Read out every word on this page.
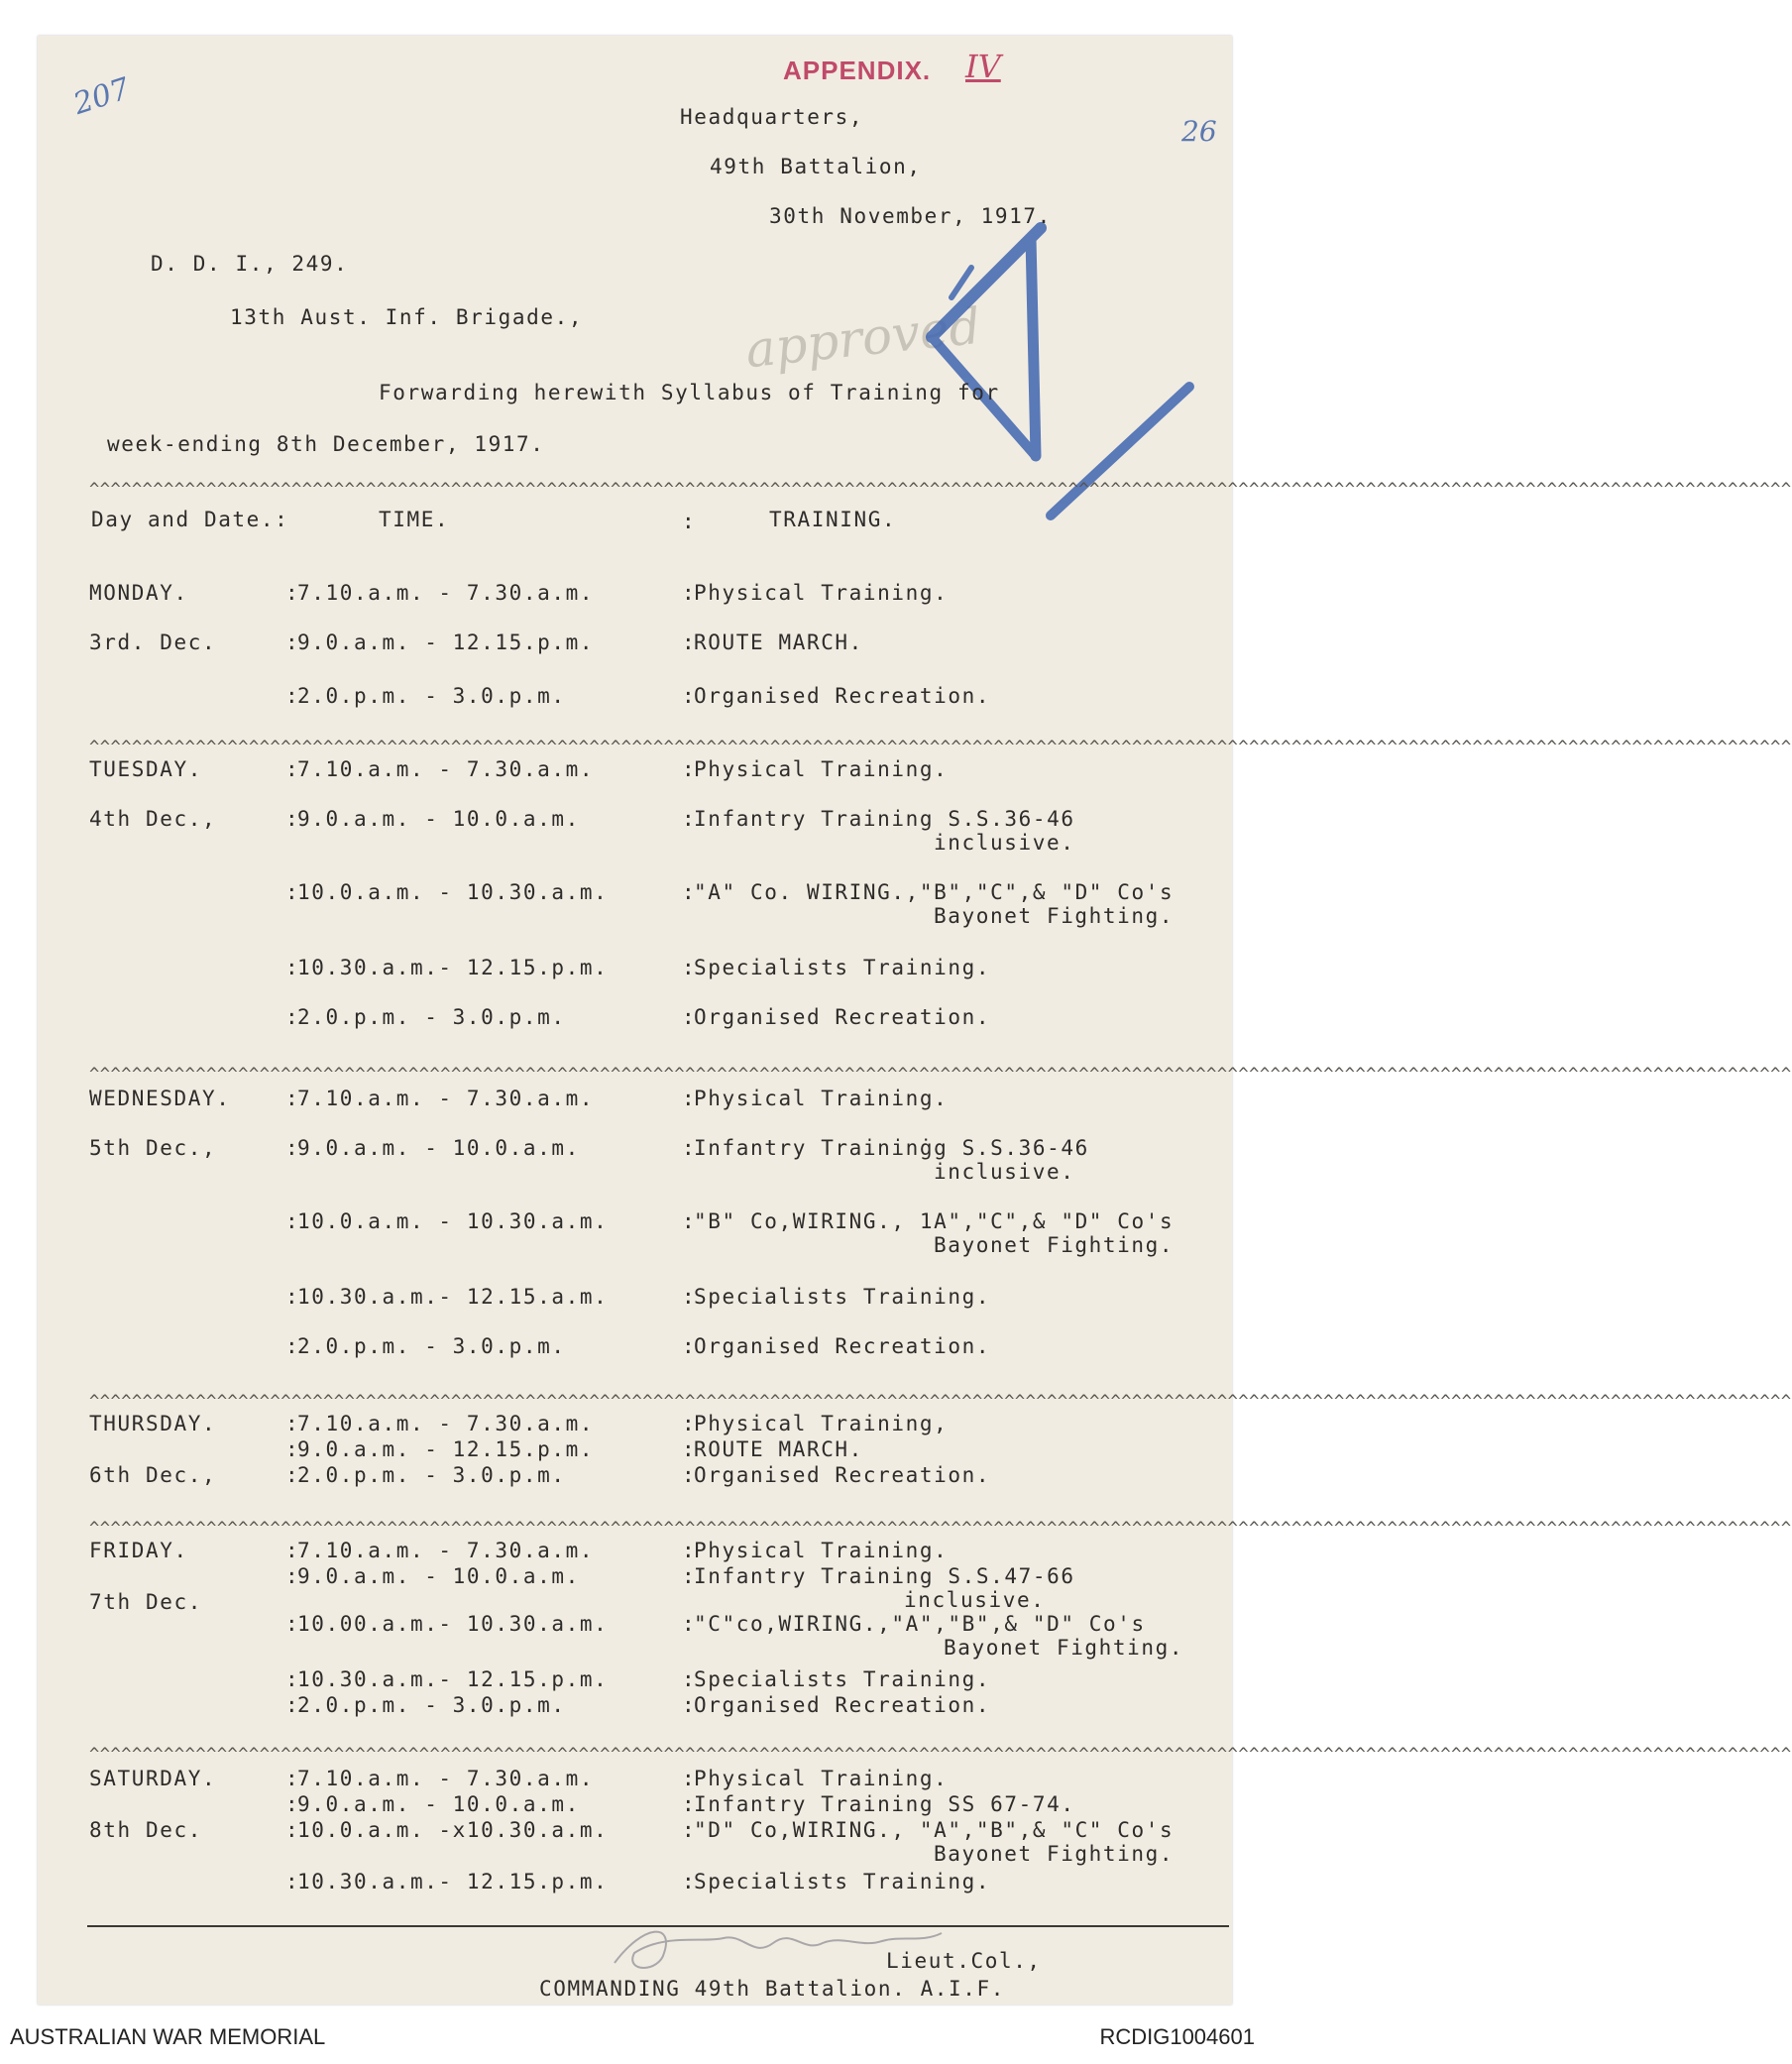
207
APPENDIX. IV
26
approved
Headquarters,
49th Battalion,
30th November, 1917.
D. D. I., 249.
13th Aust. Inf. Brigade.,
Forwarding herewith Syllabus of Training for
week-ending 8th December, 1917.
^^^^^^^^^^^^^^^^^^^^^^^^^^^^^^^^^^^^^^^^^^^^^^^^^^^^^^^^^^^^^^^^^^^^^^^^^^^^^^^^^^^^^^^^^^^^^^^^^^^^^^^^^^^^^^^^^^^^^^^^^^^^^^^^^^^^^^^^^^^^^^^^^^^^^^^^^^^^^^^^
Day and Date.:	TIME.	:	TRAINING.
^^^^^^^^^^^^^^^^^^^^^^^^^^^^^^^^^^^^^^^^^^^^^^^^^^^^^^^^^^^^^^^^^^^^^^^^^^^^^^^^^^^^^^^^^^^^^^^^^^^^^^^^^^^^^^^^^^^^^^^^^^^^^^^^^^^^^^^^^^^^^^^^^^^^^^^^^^^^^^^^
^^^^^^^^^^^^^^^^^^^^^^^^^^^^^^^^^^^^^^^^^^^^^^^^^^^^^^^^^^^^^^^^^^^^^^^^^^^^^^^^^^^^^^^^^^^^^^^^^^^^^^^^^^^^^^^^^^^^^^^^^^^^^^^^^^^^^^^^^^^^^^^^^^^^^^^^^^^^^^^^
^^^^^^^^^^^^^^^^^^^^^^^^^^^^^^^^^^^^^^^^^^^^^^^^^^^^^^^^^^^^^^^^^^^^^^^^^^^^^^^^^^^^^^^^^^^^^^^^^^^^^^^^^^^^^^^^^^^^^^^^^^^^^^^^^^^^^^^^^^^^^^^^^^^^^^^^^^^^^^^^
^^^^^^^^^^^^^^^^^^^^^^^^^^^^^^^^^^^^^^^^^^^^^^^^^^^^^^^^^^^^^^^^^^^^^^^^^^^^^^^^^^^^^^^^^^^^^^^^^^^^^^^^^^^^^^^^^^^^^^^^^^^^^^^^^^^^^^^^^^^^^^^^^^^^^^^^^^^^^^^^
^^^^^^^^^^^^^^^^^^^^^^^^^^^^^^^^^^^^^^^^^^^^^^^^^^^^^^^^^^^^^^^^^^^^^^^^^^^^^^^^^^^^^^^^^^^^^^^^^^^^^^^^^^^^^^^^^^^^^^^^^^^^^^^^^^^^^^^^^^^^^^^^^^^^^^^^^^^^^^^^
MONDAY.
3rd. Dec.
: 7.10.a.m. - 7.30.a.m.	: Physical Training.
: 9.0.a.m. - 12.15.p.m.	: ROUTE MARCH.
: 2.0.p.m. - 3.0.p.m.	: Organised Recreation.
TUESDAY.
4th Dec.,
: 7.10.a.m. - 7.30.a.m.	: Physical Training.
: 9.0.a.m. - 10.0.a.m.	: Infantry Training S.S.36-46
inclusive.
: 10.0.a.m. - 10.30.a.m.	: "A" Co. WIRING.,"B","C",& "D" Co's
Bayonet Fighting.
: 10.30.a.m.- 12.15.p.m.	: Specialists Training.
: 2.0.p.m. - 3.0.p.m.	: Organised Recreation.
WEDNESDAY.
5th Dec.,
: 7.10.a.m. - 7.30.a.m.	: Physical Training.
: 9.0.a.m. - 10.0.a.m.	: Infantry Traininġg S.S.36-46
inclusive.
: 10.0.a.m. - 10.30.a.m.	: "B" Co,WIRING., 1A","C",& "D" Co's
Bayonet Fighting.
: 10.30.a.m.- 12.15.a.m.	: Specialists Training.
: 2.0.p.m. - 3.0.p.m.	: Organised Recreation.
THURSDAY.
6th Dec.,
: 7.10.a.m. - 7.30.a.m.	: Physical Training,
: 9.0.a.m. - 12.15.p.m.	: ROUTE MARCH.
: 2.0.p.m. - 3.0.p.m.	: Organised Recreation.
FRIDAY.
7th Dec.
: 7.10.a.m. - 7.30.a.m.	: Physical Training.
: 9.0.a.m. - 10.0.a.m.	: Infantry Training S.S.47-66
inclusive.
: 10.00.a.m.- 10.30.a.m.	: "C"co,WIRING.,"A","B",& "D" Co's
Bayonet Fighting.
: 10.30.a.m.- 12.15.p.m.	: Specialists Training.
: 2.0.p.m. - 3.0.p.m.	: Organised Recreation.
SATURDAY.
8th Dec.
: 7.10.a.m. - 7.30.a.m.	: Physical Training.
: 9.0.a.m. - 10.0.a.m.	: Infantry Training SS 67-74.
: 10.0.a.m. -x10.30.a.m.	: "D" Co,WIRING., "A","B",& "C" Co's
Bayonet Fighting.
: 10.30.a.m.- 12.15.p.m.	: Specialists Training.
Lieut.Col.,
COMMANDING 49th Battalion. A.I.F.
AUSTRALIAN WAR MEMORIAL	RCDIG1004601
